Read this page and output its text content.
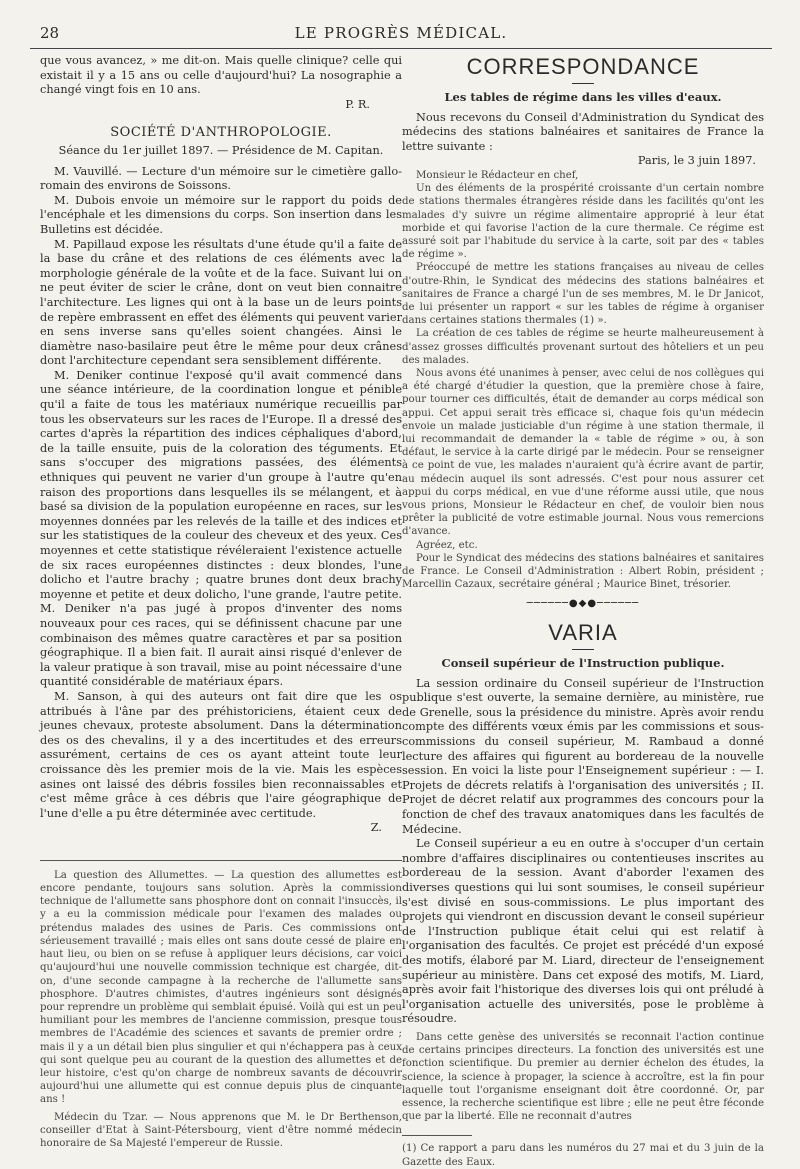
28	LE PROGRÈS MÉDICAL.

que vous avancez, » me dit-on. Mais quelle clinique? celle qui existait il y a 15 ans ou celle d'aujourd'hui? La nosographie a changé vingt fois en 10 ans.

P. R.

SOCIÉTÉ D'ANTHROPOLOGIE.

Séance du 1er juillet 1897. — Présidence de M. Capitan.

M. Vauvillé. — Lecture d'un mémoire sur le cimetière gallo-romain des environs de Soissons.

M. Dubois envoie un mémoire sur le rapport du poids de l'encéphale et les dimensions du corps. Son insertion dans les Bulletins est décidée.

M. Papillaud expose les résultats d'une étude qu'il a faite de la base du crâne et des relations de ces éléments avec la morphologie générale de la voûte et de la face. Suivant lui on ne peut éviter de scier le crâne, dont on veut bien connaitre l'architecture. Les lignes qui ont à la base un de leurs points de repère embrassent en effet des éléments qui peuvent varier en sens inverse sans qu'elles soient changées. Ainsi le diamètre naso-basilaire peut être le même pour deux crânes dont l'architecture cependant sera sensiblement différente.

M. Deniker continue l'exposé qu'il avait commencé dans une séance intérieure, de la coordination longue et pénible qu'il a faite de tous les matériaux numérique recueillis par tous les observateurs sur les races de l'Europe. Il a dressé des cartes d'après la répartition des indices céphaliques d'abord, de la taille ensuite, puis de la coloration des téguments. Et sans s'occuper des migrations passées, des éléments ethniques qui peuvent ne varier d'un groupe à l'autre qu'en raison des proportions dans lesquelles ils se mélangent, et à basé sa division de la population européenne en races, sur les moyennes données par les relevés de la taille et des indices et sur les statistiques de la couleur des cheveux et des yeux. Ces moyennes et cette statistique révéleraient l'existence actuelle de six races européennes distinctes : deux blondes, l'une dolicho et l'autre brachy ; quatre brunes dont deux brachy moyenne et petite et deux dolicho, l'une grande, l'autre petite. M. Deniker n'a pas jugé à propos d'inventer des noms nouveaux pour ces races, qui se définissent chacune par une combinaison des mêmes quatre caractères et par sa position géographique. Il a bien fait. Il aurait ainsi risqué d'enlever de la valeur pratique à son travail, mise au point nécessaire d'une quantité considérable de matériaux épars.

M. Sanson, à qui des auteurs ont fait dire que les os attribués à l'âne par des préhistoriciens, étaient ceux de jeunes chevaux, proteste absolument. Dans la détermination des os des chevalins, il y a des incertitudes et des erreurs assurément, certains de ces os ayant atteint toute leur croissance dès les premier mois de la vie. Mais les espèces asines ont laissé des débris fossiles bien reconnaissables et c'est même grâce à ces débris que l'aire géographique de l'une d'elle a pu être déterminée avec certitude.

Z.

La question des Allumettes. — La question des allumettes est encore pendante, toujours sans solution. Après la commission technique de l'allumette sans phosphore dont on connait l'insuccès, il y a eu la commission médicale pour l'examen des malades ou prétendus malades des usines de Paris. Ces commissions ont sérieusement travaillé ; mais elles ont sans doute cessé de plaire en haut lieu, ou bien on se refuse à appliquer leurs décisions, car voici qu'aujourd'hui une nouvelle commission technique est chargée, dit-on, d'une seconde campagne à la recherche de l'allumette sans phosphore. D'autres chimistes, d'autres ingénieurs sont désignés pour reprendre un problème qui semblait épuisé. Voilà qui est un peu humiliant pour les membres de l'ancienne commission, presque tous membres de l'Académie des sciences et savants de premier ordre ; mais il y a un détail bien plus singulier et qui n'échappera pas à ceux qui sont quelque peu au courant de la question des allumettes et de leur histoire, c'est qu'on charge de nombreux savants de découvrir aujourd'hui une allumette qui est connue depuis plus de cinquante ans !

Médecin du Tzar. — Nous apprenons que M. le Dr Berthenson, conseiller d'Etat à Saint-Pétersbourg, vient d'être nommé médecin honoraire de Sa Majesté l'empereur de Russie.

CORRESPONDANCE
Les tables de régime dans les villes d'eaux.

Nous recevons du Conseil d'Administration du Syndicat des médecins des stations balnéaires et sanitaires de France la lettre suivante :

Paris, le 3 juin 1897.

Monsieur le Rédacteur en chef,

Un des éléments de la prospérité croissante d'un certain nombre de stations thermales étrangères réside dans les facilités qu'ont les malades d'y suivre un régime alimentaire approprié à leur état morbide et qui favorise l'action de la cure thermale. Ce régime est assuré soit par l'habitude du service à la carte, soit par des « tables de régime ».

Préoccupé de mettre les stations françaises au niveau de celles d'outre-Rhin, le Syndicat des médecins des stations balnéaires et sanitaires de France a chargé l'un de ses membres, M. le Dr Janicot, de lui présenter un rapport « sur les tables de régime à organiser dans certaines stations thermales (1) ».

La création de ces tables de régime se heurte malheureusement à d'assez grosses difficultés provenant surtout des hôteliers et un peu des malades.

Nous avons été unanimes à penser, avec celui de nos collègues qui a été chargé d'étudier la question, que la première chose à faire, pour tourner ces difficultés, était de demander au corps médical son appui. Cet appui serait très efficace si, chaque fois qu'un médecin envoie un malade justiciable d'un régime à une station thermale, il lui recommandait de demander la « table de régime » ou, à son défaut, le service à la carte dirigé par le médecin. Pour se renseigner à ce point de vue, les malades n'auraient qu'à écrire avant de partir, au médecin auquel ils sont adressés. C'est pour nous assurer cet appui du corps médical, en vue d'une réforme aussi utile, que nous vous prions, Monsieur le Rédacteur en chef, de vouloir bien nous prêter la publicité de votre estimable journal. Nous vous remercions d'avance.

Agréez, etc.

Pour le Syndicat des médecins des stations balnéaires et sanitaires de France. Le Conseil d'Administration : Albert Robin, président ; Marcellin Cazaux, secrétaire général ; Maurice Binet, trésorier.

──────●◆●──────
VARIA
Conseil supérieur de l'Instruction publique.

La session ordinaire du Conseil supérieur de l'Instruction publique s'est ouverte, la semaine dernière, au ministère, rue de Grenelle, sous la présidence du ministre. Après avoir rendu compte des différents vœux émis par les commissions et sous-commissions du conseil supérieur, M. Rambaud a donné lecture des affaires qui figurent au bordereau de la nouvelle session. En voici la liste pour l'Enseignement supérieur : — I. Projets de décrets relatifs à l'organisation des universités ; II. Projet de décret relatif aux programmes des concours pour la fonction de chef des travaux anatomiques dans les facultés de Médecine.

Le Conseil supérieur a eu en outre à s'occuper d'un certain nombre d'affaires disciplinaires ou contentieuses inscrites au bordereau de la session. Avant d'aborder l'examen des diverses questions qui lui sont soumises, le conseil supérieur s'est divisé en sous-commissions. Le plus important des projets qui viendront en discussion devant le conseil supérieur de l'Instruction publique était celui qui est relatif à l'organisation des facultés. Ce projet est précédé d'un exposé des motifs, élaboré par M. Liard, directeur de l'enseignement supérieur au ministère. Dans cet exposé des motifs, M. Liard, après avoir fait l'historique des diverses lois qui ont préludé à l'organisation actuelle des universités, pose le problème à résoudre.

Dans cette genèse des universités se reconnait l'action continue de certains principes directeurs. La fonction des universités est une fonction scientifique. Du premier au dernier échelon des études, la science, la science à propager, la science à accroître, est la fin pour laquelle tout l'organisme enseignant doit être coordonné. Or, par essence, la recherche scientifique est libre ; elle ne peut être féconde que par la liberté. Elle ne reconnait d'autres

(1) Ce rapport a paru dans les numéros du 27 mai et du 3 juin de la Gazette des Eaux.
